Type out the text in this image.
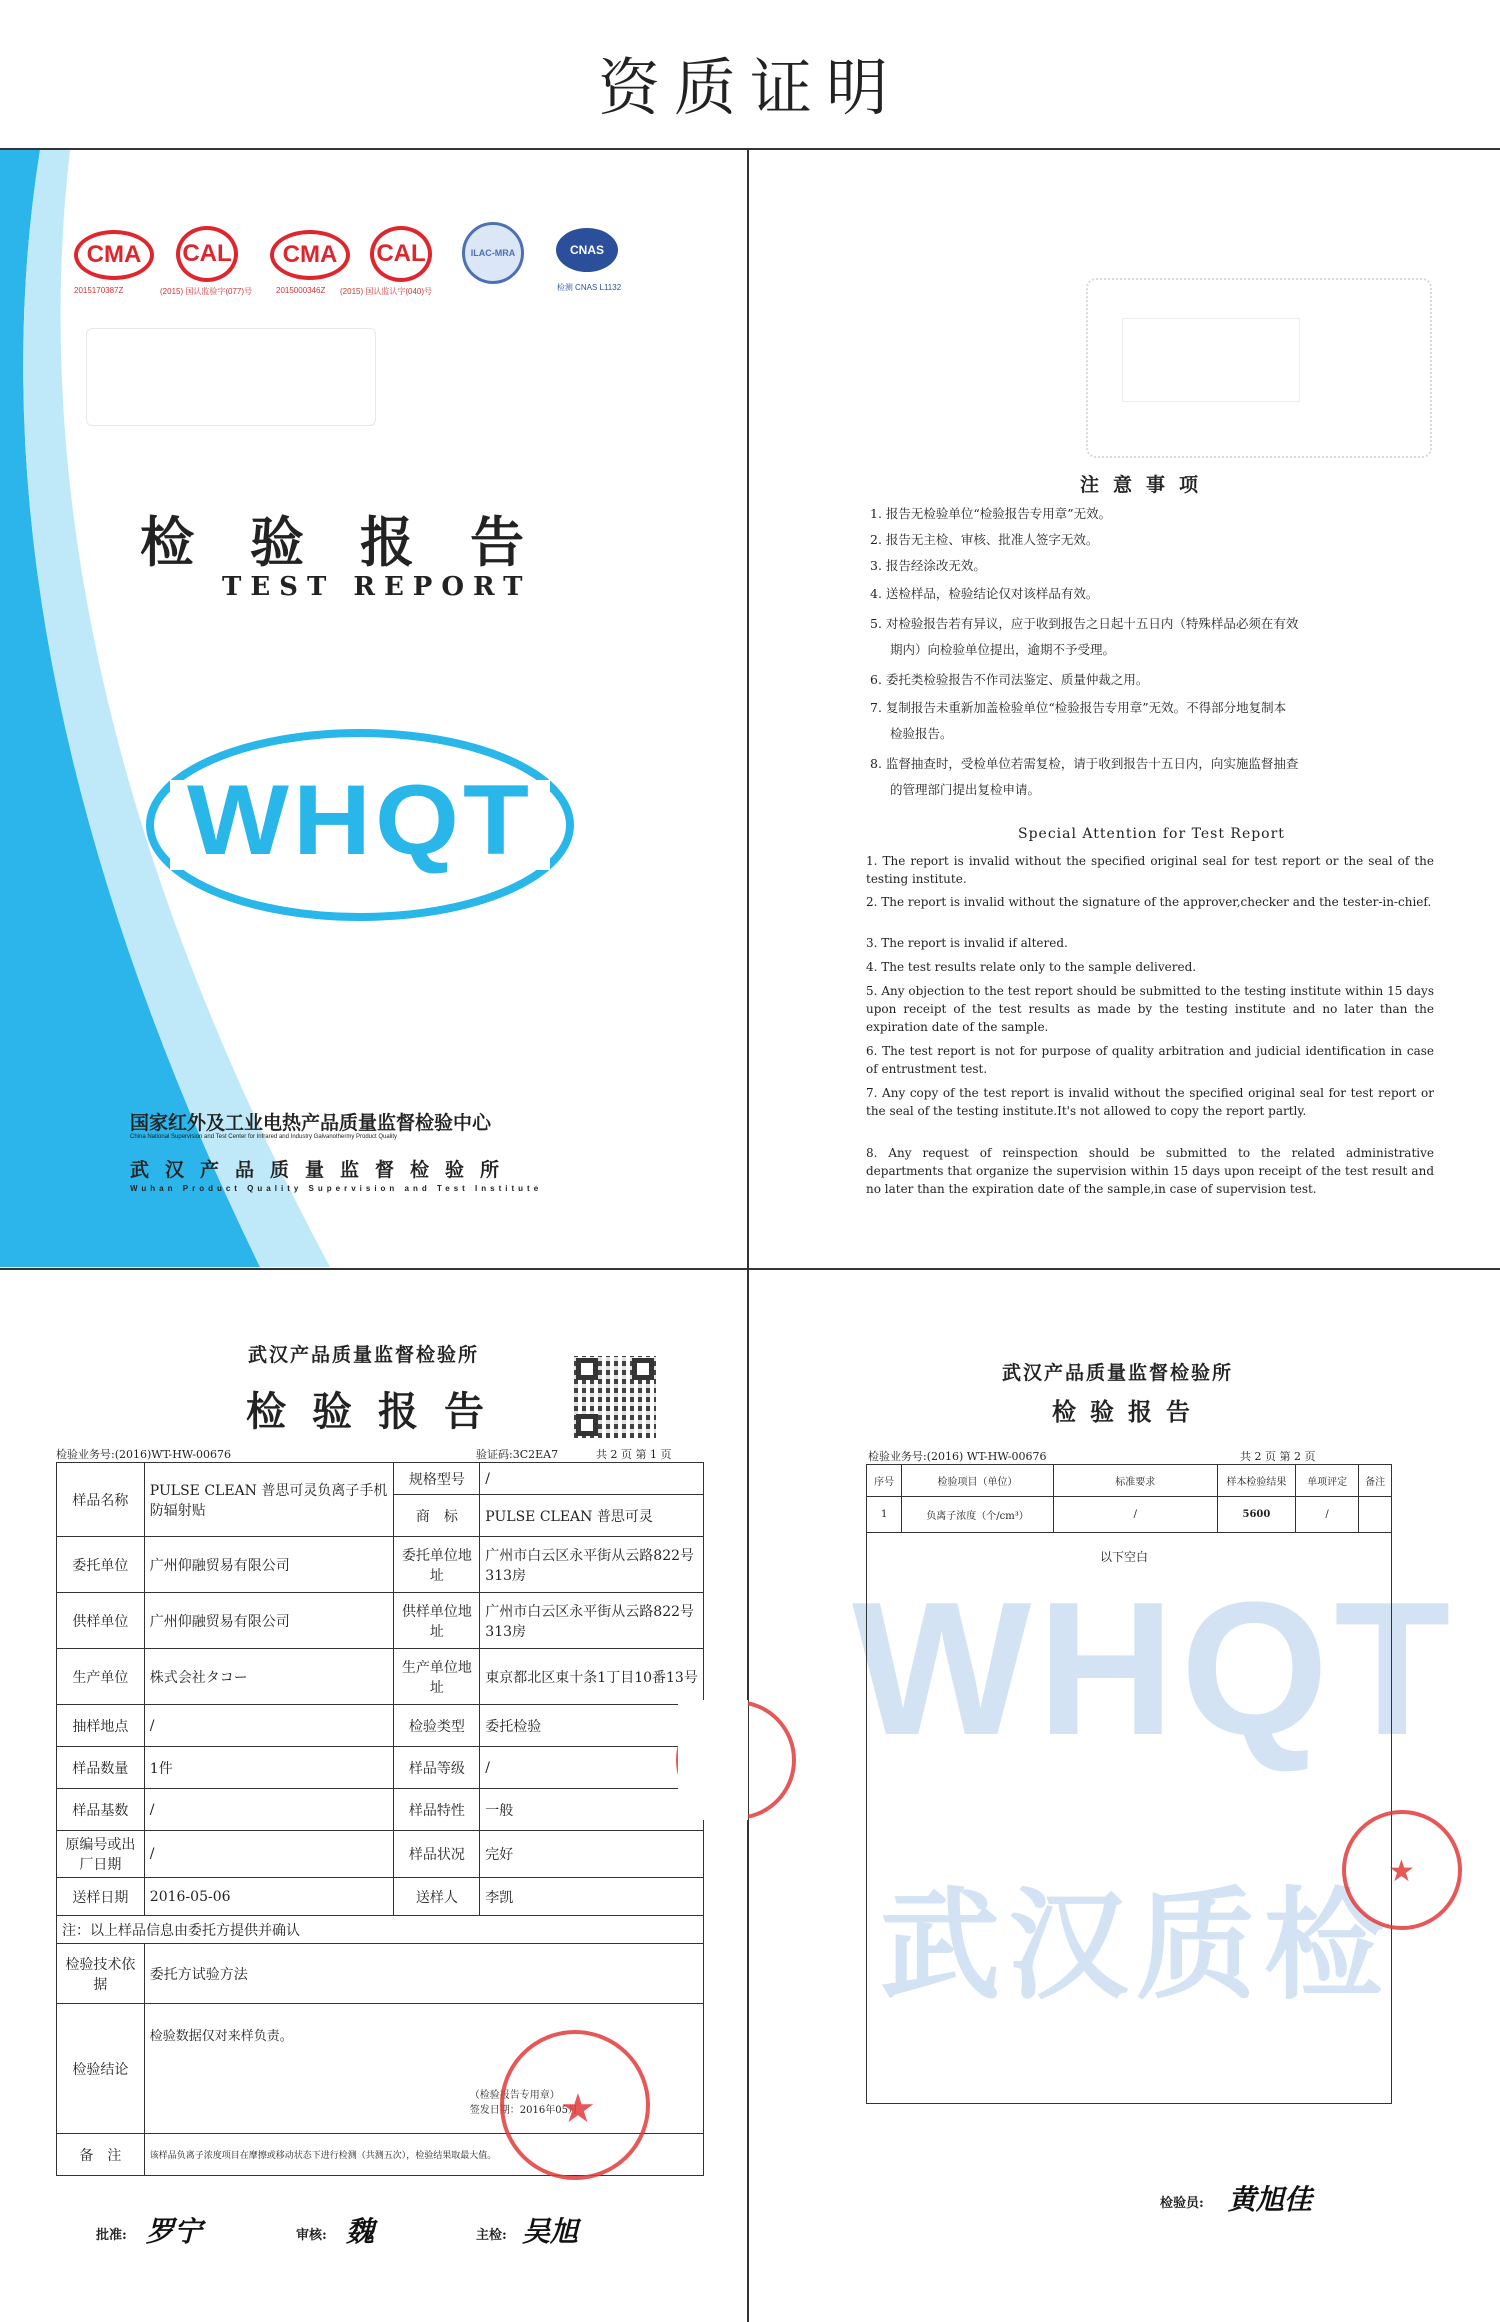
资质证明
CMA
2015170387Z
CAL
(2015) 国认监验字(077)号
CMA
2015000346Z
CAL
(2015) 国认监认字(040)号
ILAC-MRA	CNAS
检测 CNAS L1132
检验报告
TEST REPORT
WHQT
国家红外及工业电热产品质量监督检验中心
China National Supervision and Test Center for Infrared and Industry Galvanothermy Product Quality
武汉产品质量监督检验所
Wuhan Product Quality Supervision and Test Institute
注意事项
1. 报告无检验单位“检验报告专用章”无效。
2. 报告无主检、审核、批准人签字无效。
3. 报告经涂改无效。
4. 送检样品，检验结论仅对该样品有效。
5. 对检验报告若有异议，应于收到报告之日起十五日内（特殊样品必须在有效
期内）向检验单位提出，逾期不予受理。
6. 委托类检验报告不作司法鉴定、质量仲裁之用。
7. 复制报告未重新加盖检验单位“检验报告专用章”无效。不得部分地复制本
检验报告。
8. 监督抽查时，受检单位若需复检，请于收到报告十五日内，向实施监督抽查
的管理部门提出复检申请。
Special Attention for Test Report
1. The report is invalid without the specified original seal for test report or the seal of the testing institute.
2. The report is invalid without the signature of the approver,checker and the tester-in-chief.
3. The report is invalid if altered.
4. The test results relate only to the sample delivered.
5. Any objection to the test report should be submitted to the testing institute within 15 days upon receipt of the test results as made by the testing institute and no later than the expiration date of the sample.
6. The test report is not for purpose of quality arbitration and judicial identification in case of entrustment test.
7. Any copy of the test report is invalid without the specified original seal for test report or the seal of the testing institute.It's not allowed to copy the report partly.
8. Any request of reinspection should be submitted to the related administrative departments that organize the supervision within 15 days upon receipt of the test result and no later than the expiration date of the sample,in case of supervision test.
武汉产品质量监督检验所
检验报告
检验业务号:(2016)WT-HW-00676	验证码:3C2EA7	共 2 页 第 1 页
样品名称	PULSE CLEAN 普思可灵负离子手机防辐射贴	规格型号	/
		商　标	PULSE CLEAN 普思可灵
委托单位	广州仰融贸易有限公司	委托单位地　址	广州市白云区永平街从云路822号313房
供样单位	广州仰融贸易有限公司	供样单位地　址	广州市白云区永平街从云路822号313房
生产单位	株式会社タコー	生产单位地　址	東京都北区東十条1丁目10番13号
抽样地点	/	检验类型	委托检验
样品数量	1件	样品等级	/
样品基数	/	样品特性	一般
原编号或出厂日期	/	样品状况	完好
送样日期	2016-05-06	送样人	李凯
注：以上样品信息由委托方提供并确认			
检验技术依　据	委托方试验方法		
检验结论	检验数据仅对来样负责。
（检验报告专用章）
签发日期：2016年05月		

备　注	该样品负离子浓度项目在摩擦或移动状态下进行检测（共测五次），检验结果取最大值。		
★
批准: 罗宁	审核: 魏	主检: 吴旭
WHQT
武汉质检
武汉产品质量监督检验所
检验报告
检验业务号:(2016) WT-HW-00676	共 2 页 第 2 页
序号	检验项目（单位）	标准要求	样本检验结果	单项评定	备注
1	负离子浓度（个/cm³）	/	5600	/	
以下空白
★
检验员: 黄旭佳
